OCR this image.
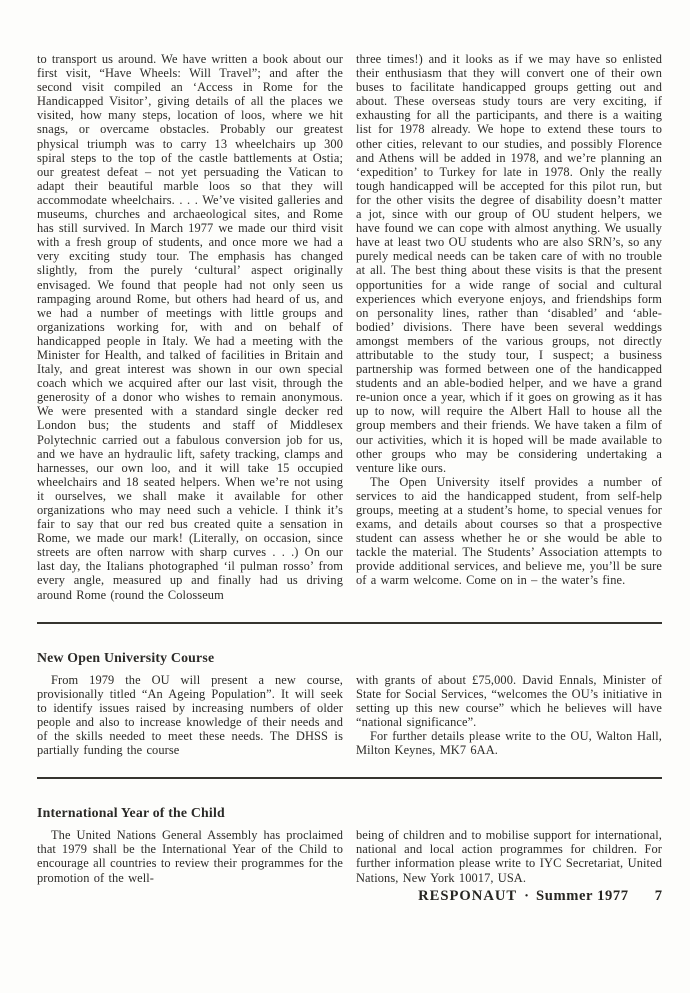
to transport us around. We have written a book about our first visit, “Have Wheels: Will Travel”; and after the second visit compiled an ‘Access in Rome for the Handicapped Visitor’, giving details of all the places we visited, how many steps, location of loos, where we hit snags, or overcame obstacles. Probably our greatest physical triumph was to carry 13 wheelchairs up 300 spiral steps to the top of the castle battlements at Ostia; our greatest defeat – not yet persuading the Vatican to adapt their beautiful marble loos so that they will accommodate wheelchairs. . . . We’ve visited galleries and museums, churches and archaeological sites, and Rome has still survived. In March 1977 we made our third visit with a fresh group of students, and once more we had a very exciting study tour. The emphasis has changed slightly, from the purely ‘cultural’ aspect originally envisaged. We found that people had not only seen us rampaging around Rome, but others had heard of us, and we had a number of meetings with little groups and organizations working for, with and on behalf of handicapped people in Italy. We had a meeting with the Minister for Health, and talked of facilities in Britain and Italy, and great interest was shown in our own special coach which we acquired after our last visit, through the generosity of a donor who wishes to remain anonymous. We were presented with a standard single decker red London bus; the students and staff of Middlesex Polytechnic carried out a fabulous conversion job for us, and we have an hydraulic lift, safety tracking, clamps and harnesses, our own loo, and it will take 15 occupied wheelchairs and 18 seated helpers. When we’re not using it ourselves, we shall make it available for other organizations who may need such a vehicle. I think it’s fair to say that our red bus created quite a sensation in Rome, we made our mark! (Literally, on occasion, since streets are often narrow with sharp curves . . .) On our last day, the Italians photographed ‘il pulman rosso’ from every angle, measured up and finally had us driving around Rome (round the Colosseum

three times!) and it looks as if we may have so enlisted their enthusiasm that they will convert one of their own buses to facilitate handicapped groups getting out and about. These overseas study tours are very exciting, if exhausting for all the participants, and there is a waiting list for 1978 already. We hope to extend these tours to other cities, relevant to our studies, and possibly Florence and Athens will be added in 1978, and we’re planning an ‘expedition’ to Turkey for late in 1978. Only the really tough handicapped will be accepted for this pilot run, but for the other visits the degree of disability doesn’t matter a jot, since with our group of OU student helpers, we have found we can cope with almost anything. We usually have at least two OU students who are also SRN’s, so any purely medical needs can be taken care of with no trouble at all. The best thing about these visits is that the present opportunities for a wide range of social and cultural experiences which everyone enjoys, and friendships form on personality lines, rather than ‘disabled’ and ‘able-bodied’ divisions. There have been several weddings amongst members of the various groups, not directly attributable to the study tour, I suspect; a business partnership was formed between one of the handicapped students and an able-bodied helper, and we have a grand re-union once a year, which if it goes on growing as it has up to now, will require the Albert Hall to house all the group members and their friends. We have taken a film of our activities, which it is hoped will be made available to other groups who may be considering undertaking a venture like ours.

The Open University itself provides a number of services to aid the handicapped student, from self-help groups, meeting at a student’s home, to special venues for exams, and details about courses so that a prospective student can assess whether he or she would be able to tackle the material. The Students’ Association attempts to provide additional services, and believe me, you’ll be sure of a warm welcome. Come on in – the water’s fine.

New Open University Course

From 1979 the OU will present a new course, provisionally titled “An Ageing Population”. It will seek to identify issues raised by increasing numbers of older people and also to increase knowledge of their needs and of the skills needed to meet these needs. The DHSS is partially funding the course

with grants of about £75,000. David Ennals, Minister of State for Social Services, “welcomes the OU’s initiative in setting up this new course” which he believes will have “national significance”.

For further details please write to the OU, Walton Hall, Milton Keynes, MK7 6AA.

International Year of the Child

The United Nations General Assembly has proclaimed that 1979 shall be the International Year of the Child to encourage all countries to review their programmes for the promotion of the well-

being of children and to mobilise support for international, national and local action programmes for children. For further information please write to IYC Secretariat, United Nations, New York 10017, USA.

RESPONAUT · Summer 1977 7
